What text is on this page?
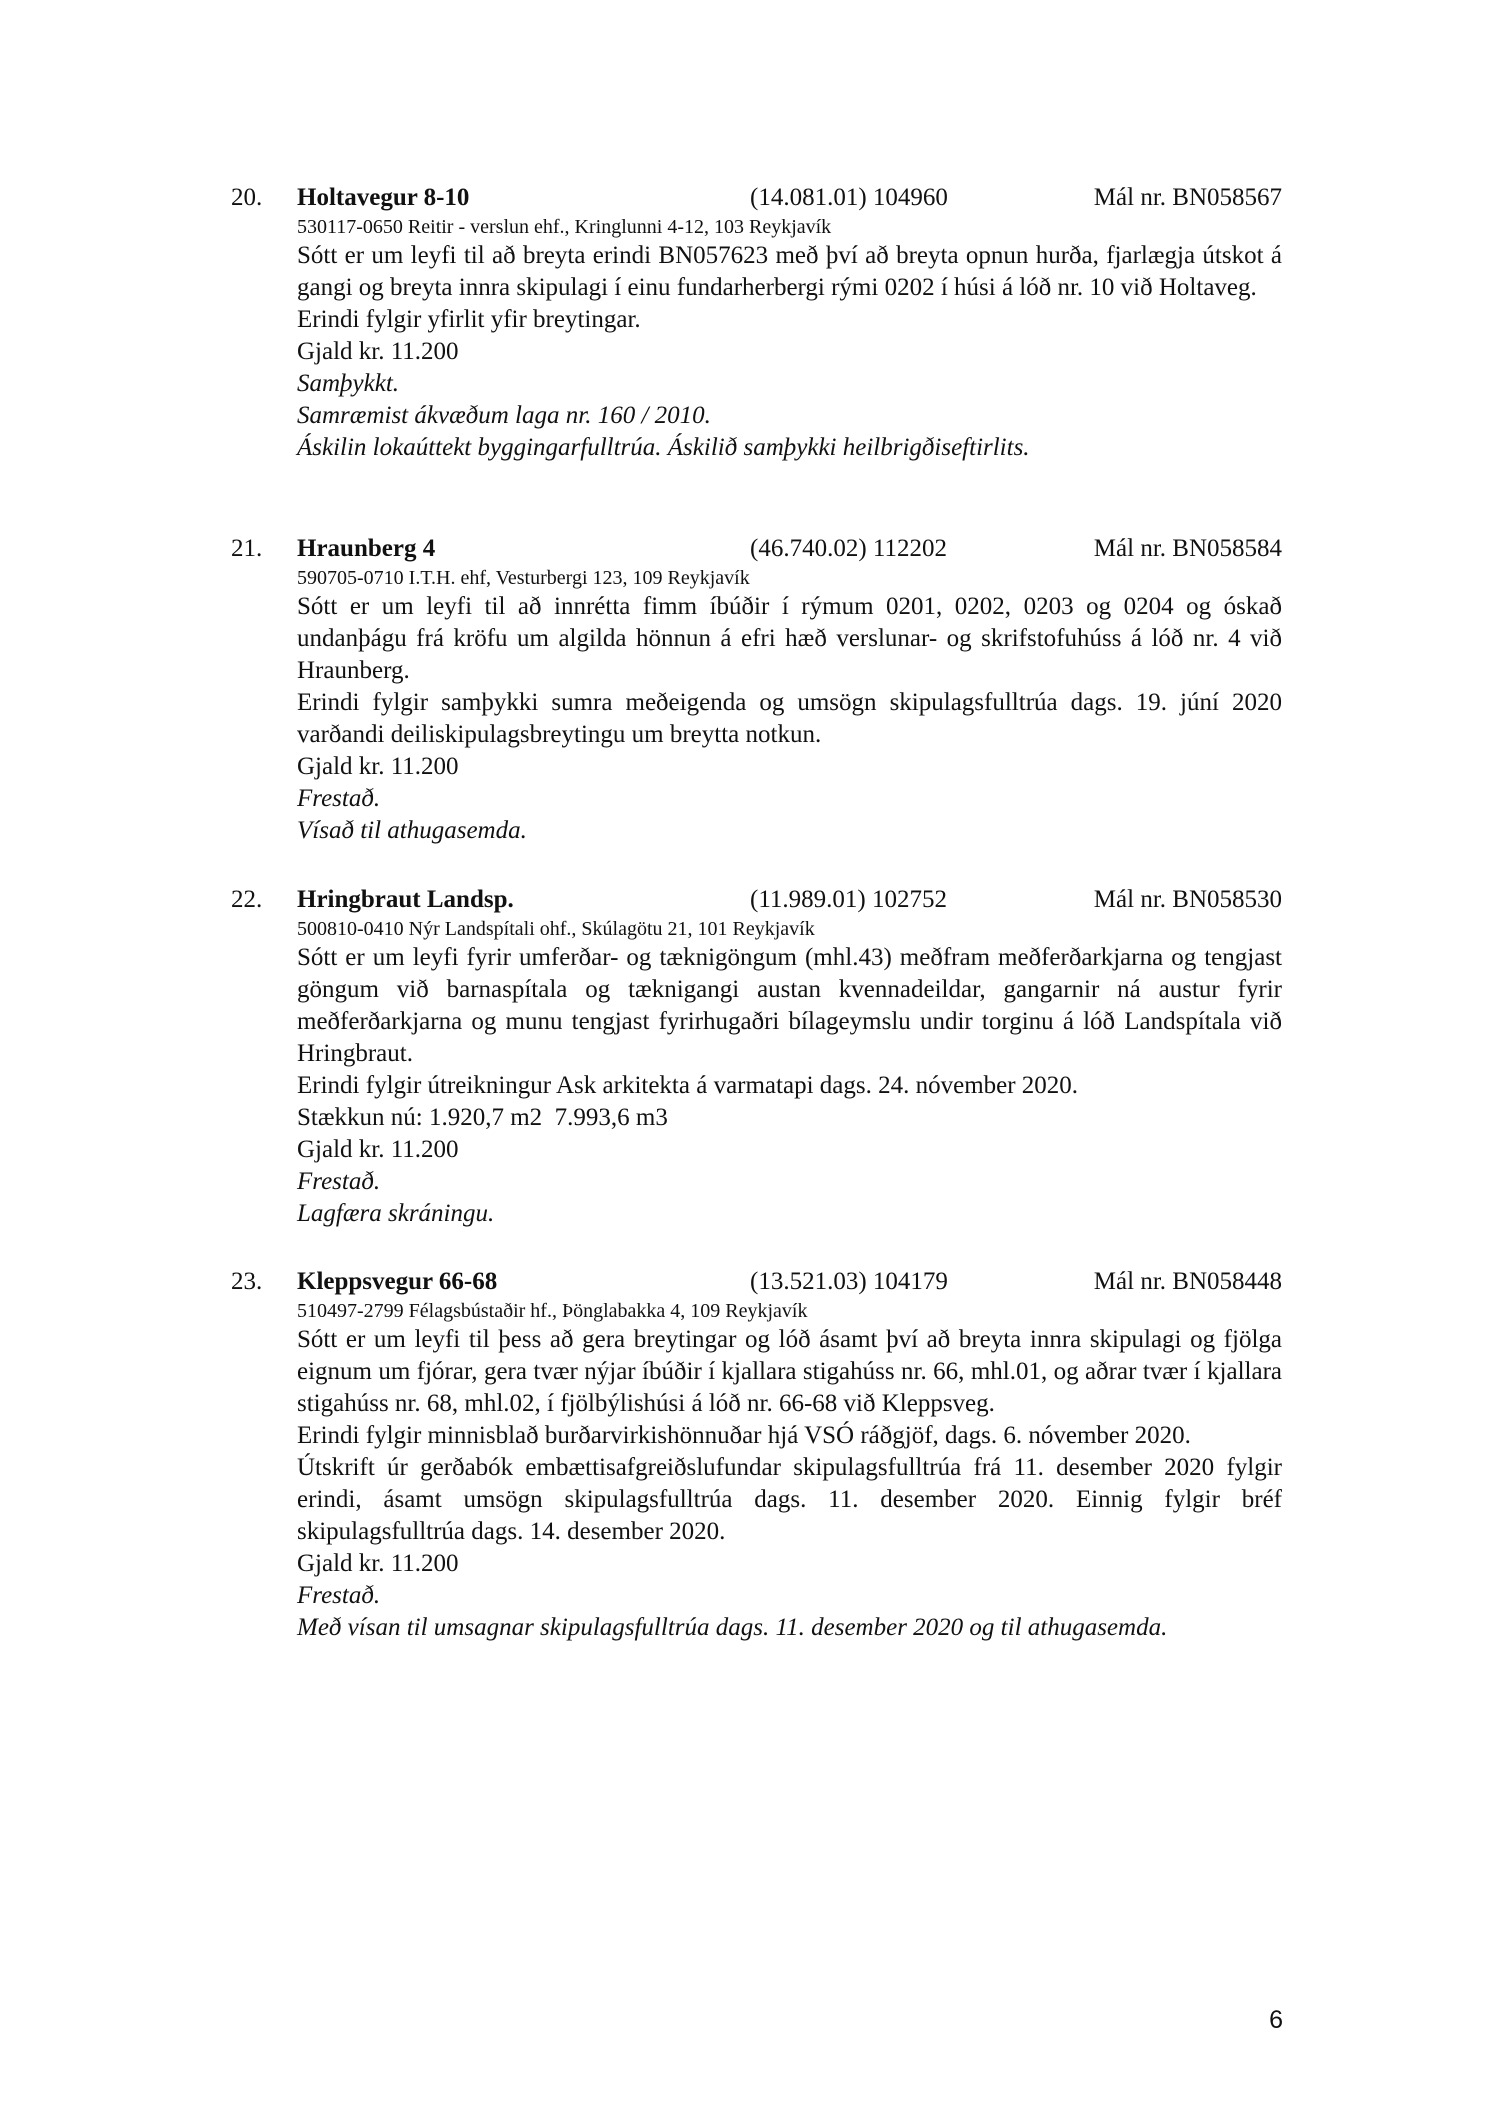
20. Holtavegur 8-10	(14.081.01) 104960	Mál nr. BN058567
530117-0650 Reitir - verslun ehf., Kringlunni 4-12, 103 Reykjavík
Sótt er um leyfi til að breyta erindi BN057623 með því að breyta opnun hurða, fjarlægja útskot á gangi og breyta innra skipulagi í einu fundarherbergi rými 0202 í húsi á lóð nr. 10 við Holtaveg.
Erindi fylgir yfirlit yfir breytingar.
Gjald kr. 11.200
Samþykkt.
Samræmist ákvæðum laga nr. 160 / 2010.
Áskilin lokaúttekt byggingarfulltrúa. Áskilið samþykki heilbrigðiseftirlits.
21. Hraunberg 4	(46.740.02) 112202	Mál nr. BN058584
590705-0710 I.T.H. ehf, Vesturbergi 123, 109 Reykjavík
Sótt er um leyfi til að innrétta fimm íbúðir í rýmum 0201, 0202, 0203 og 0204 og óskað undanþágu frá kröfu um algilda hönnun á efri hæð verslunar- og skrifstofuhúss á lóð nr. 4 við Hraunberg.
Erindi fylgir samþykki sumra meðeigenda og umsögn skipulagsfulltrúa dags. 19. júní 2020 varðandi deiliskipulagsbreytingu um breytta notkun.
Gjald kr. 11.200
Frestað.
Vísað til athugasemda.
22. Hringbraut Landsp.	(11.989.01) 102752	Mál nr. BN058530
500810-0410 Nýr Landspítali ohf., Skúlagötu 21, 101 Reykjavík
Sótt er um leyfi fyrir umferðar- og tæknigöngum (mhl.43) meðfram meðferðarkjarna og tengjast göngum við barnaspítala og tæknigangi austan kvennadeildar, gangarnir ná austur fyrir meðferðarkjarna og munu tengjast fyrirhugaðri bílageymslu undir torginu á lóð Landspítala við Hringbraut.
Erindi fylgir útreikningur Ask arkitekta á varmatapi dags. 24. nóvember 2020.
Stækkun nú: 1.920,7 m2  7.993,6 m3
Gjald kr. 11.200
Frestað.
Lagfæra skráningu.
23. Kleppsvegur 66-68	(13.521.03) 104179	Mál nr. BN058448
510497-2799 Félagsbústaðir hf., Þönglabakka 4, 109 Reykjavík
Sótt er um leyfi til þess að gera breytingar og lóð ásamt því að breyta innra skipulagi og fjölga eignum um fjórar, gera tvær nýjar íbúðir í kjallara stigahúss nr. 66, mhl.01, og aðrar tvær í kjallara stigahúss nr. 68, mhl.02, í fjölbýlishúsi á lóð nr. 66-68 við Kleppsveg.
Erindi fylgir minnisblað burðarvirkishönnuðar hjá VSÓ ráðgjöf, dags. 6. nóvember 2020.
Útskrift úr gerðabók embættisafgreiðslufundar skipulagsfulltrúa frá 11. desember 2020 fylgir erindi, ásamt umsögn skipulagsfulltrúa dags. 11. desember 2020. Einnig fylgir bréf skipulagsfulltrúa dags. 14. desember 2020.
Gjald kr. 11.200
Frestað.
Með vísan til umsagnar skipulagsfulltrúa dags. 11. desember 2020 og til athugasemda.
6
